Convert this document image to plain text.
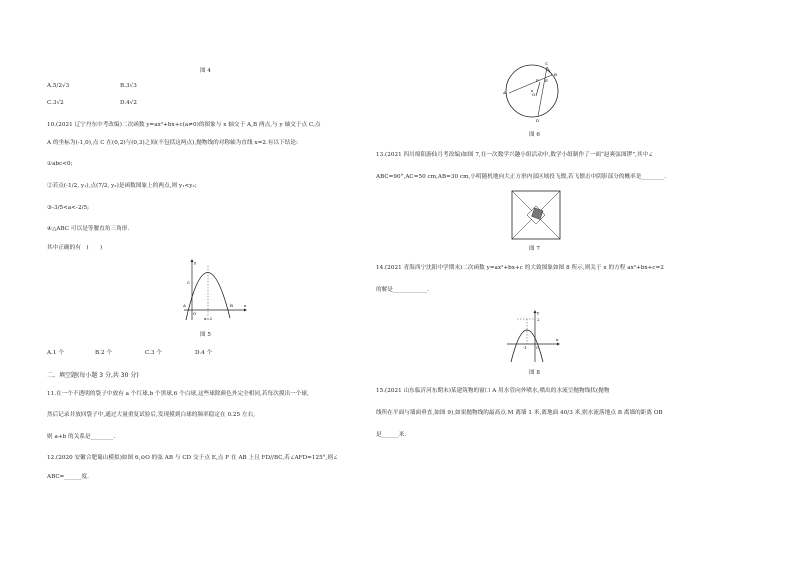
图 4
A.5/2√3	B.3√3
C.3√2	D.4√2
10.(2021 辽宁丹东中考改编)二次函数 y=ax²+bx+c(a≠0)的图象与 x 轴交于 A,B 两点,与 y 轴交于点 C,点
A 的坐标为(-1,0),点 C 在(0,2)与(0,3)之间(不包括这两点),抛物线的对称轴为直线 x=2.有以下结论:
①abc<0;
②若点(-1/2, y₁),点(7/2, y₂)是函数图象上的两点,则 y₁<y₂;
③-3/5<a<-2/5;
④△ABC 可以是等腰直角三角形.
其中正确的有　(　　)
y
x
O
A	B
C
x=2
图 5
A.1 个	B.2 个	C.3 个	D.4 个
二、填空题(每小题 3 分,共 30 分)
11.在一个不透明的袋子中放有 a 个红球,b 个黑球,6 个白球,这些球除颜色外完全相同,若每次摸出一个球,
然后记录并放回袋子中,通过大量重复试验后,发现摸到白球的频率稳定在 0.25 左右,
则 a+b 的关系是________.
12.(2020 安徽合肥蜀山模拟)如图 6,⊙O 的弦 AB 与 CD 交于点 E,点 F 在 AB 上且 FD//BC,若∠AFD=125°,则∠
ABC=______度.
C
D
A
B
E
F
O
图 6
13.(2021 四川绵阳游仙月考改编)如图 7,在一次数学兴趣小组活动中,数学小组制作了一面“赵爽弦图锣”,其中∠
ABC=90°,AC=50 cm,AB=30 cm,小明随机地向大正方形内部区域投飞镖,若飞镖击中阴影部分的概率是________.
图 7
14.(2021 青海西宁沈阳中学期末)二次函数 y=ax²+bx+c 的大致图象如图 8 所示,则关于 x 的方程 ax²+bx+c=2
的解是____________.
y
2
O
x
-1
图 8
15.(2021 山东临沂河东期末)某建筑物的窗口 A 用水管向外喷水,喷出的水流呈抛物线状(抛物
线所在平面与墙面垂直,如图 9),如果抛物线的最高点 M 离墙 1 米,离地面 40/3 米,则水流落地点 B 离墙的距离 OB
是______米.
